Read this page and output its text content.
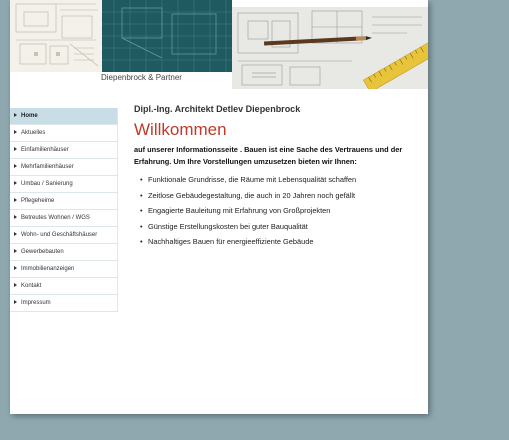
Diepenbrock & Partner
Home
Aktuelles
Einfamilienhäuser
Mehrfamilienhäuser
Umbau / Sanierung
Pflegeheime
Betreutes Wohnen / WGS
Wohn- und Geschäftshäuser
Gewerbebauten
Immobilienanzeigen
Kontakt
Impressum
Dipl.-Ing. Architekt Detlev Diepenbrock
Willkommen

auf unserer Informationsseite . Bauen ist eine Sache des Vertrauens und der Erfahrung. Um Ihre Vorstellungen umzusetzen bieten wir Ihnen:

• Funktionale Grundrisse, die Räume mit Lebensqualität schaffen
• Zeitlose Gebäudegestaltung, die auch in 20 Jahren noch gefällt
• Engagierte Bauleitung mit Erfahrung von Großprojekten
• Günstige Erstellungskosten bei guter Bauqualität
• Nachhaltiges Bauen für energieeffiziente Gebäude
